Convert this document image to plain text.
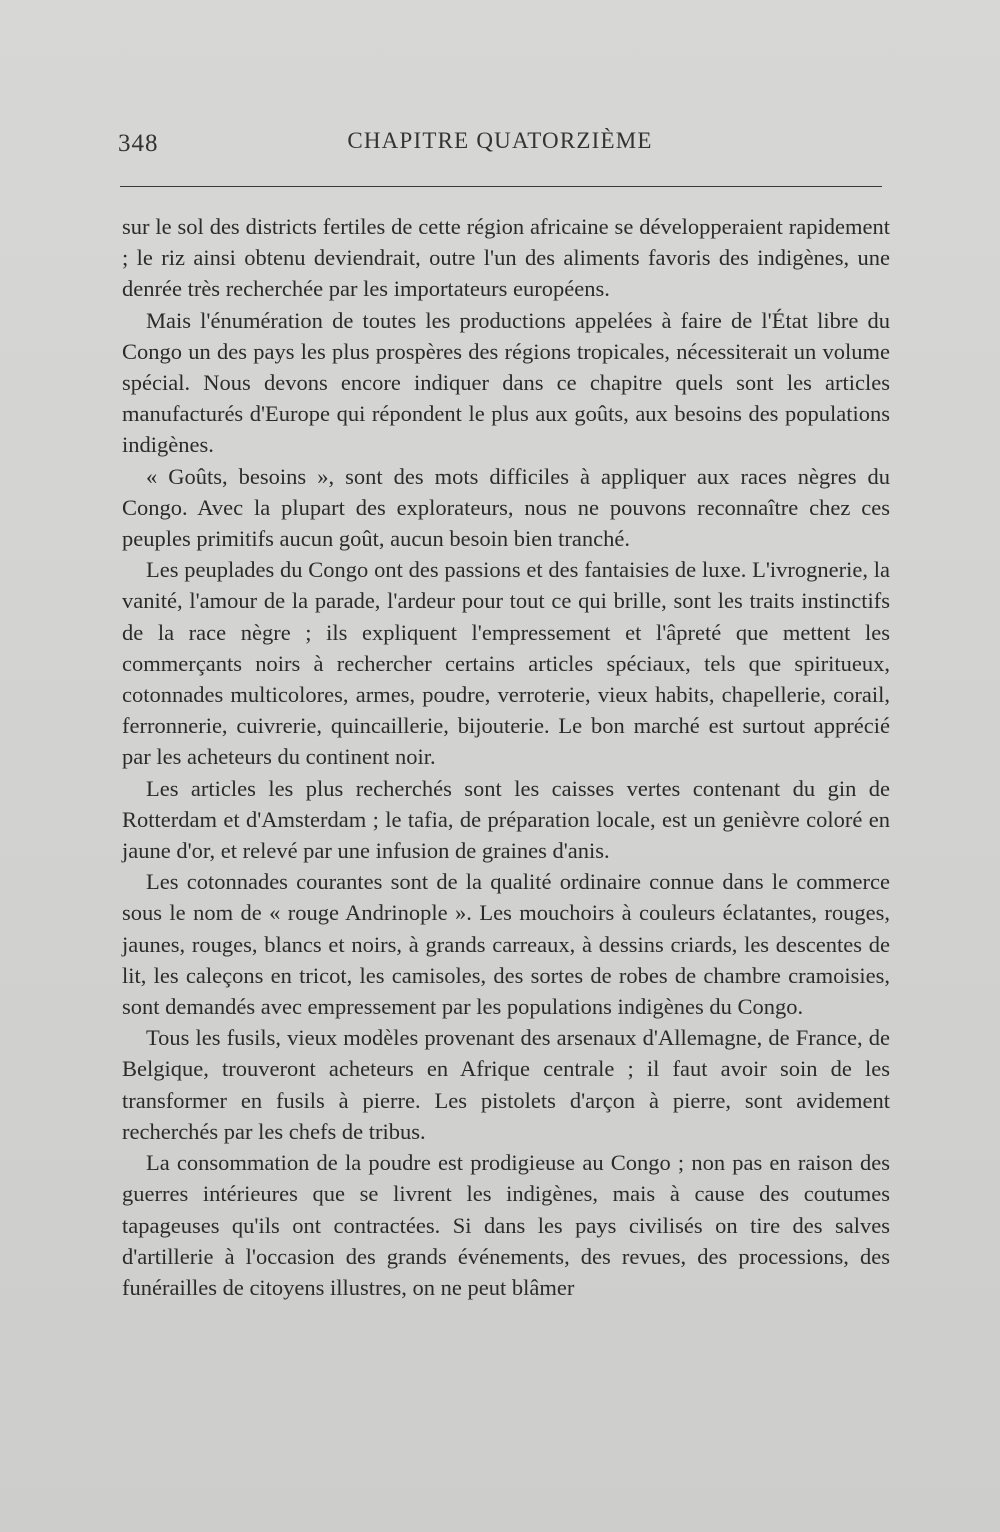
348	CHAPITRE QUATORZIÈME

sur le sol des districts fertiles de cette région africaine se développeraient rapidement ; le riz ainsi obtenu deviendrait, outre l'un des aliments favoris des indigènes, une denrée très recherchée par les importateurs européens.

Mais l'énumération de toutes les productions appelées à faire de l'État libre du Congo un des pays les plus prospères des régions tropicales, nécessiterait un volume spécial. Nous devons encore indiquer dans ce chapitre quels sont les articles manufacturés d'Europe qui répondent le plus aux goûts, aux besoins des populations indigènes.

« Goûts, besoins », sont des mots difficiles à appliquer aux races nègres du Congo. Avec la plupart des explorateurs, nous ne pouvons reconnaître chez ces peuples primitifs aucun goût, aucun besoin bien tranché.

Les peuplades du Congo ont des passions et des fantaisies de luxe. L'ivrognerie, la vanité, l'amour de la parade, l'ardeur pour tout ce qui brille, sont les traits instinctifs de la race nègre ; ils expliquent l'empressement et l'âpreté que mettent les commerçants noirs à rechercher certains articles spéciaux, tels que spiritueux, cotonnades multicolores, armes, poudre, verroterie, vieux habits, chapellerie, corail, ferronnerie, cuivrerie, quincaillerie, bijouterie. Le bon marché est surtout apprécié par les acheteurs du continent noir.

Les articles les plus recherchés sont les caisses vertes contenant du gin de Rotterdam et d'Amsterdam ; le tafia, de préparation locale, est un genièvre coloré en jaune d'or, et relevé par une infusion de graines d'anis.

Les cotonnades courantes sont de la qualité ordinaire connue dans le commerce sous le nom de « rouge Andrinople ». Les mouchoirs à couleurs éclatantes, rouges, jaunes, rouges, blancs et noirs, à grands carreaux, à dessins criards, les descentes de lit, les caleçons en tricot, les camisoles, des sortes de robes de chambre cramoisies, sont demandés avec empressement par les populations indigènes du Congo.

Tous les fusils, vieux modèles provenant des arsenaux d'Allemagne, de France, de Belgique, trouveront acheteurs en Afrique centrale ; il faut avoir soin de les transformer en fusils à pierre. Les pistolets d'arçon à pierre, sont avidement recherchés par les chefs de tribus.

La consommation de la poudre est prodigieuse au Congo ; non pas en raison des guerres intérieures que se livrent les indigènes, mais à cause des coutumes tapageuses qu'ils ont contractées. Si dans les pays civilisés on tire des salves d'artillerie à l'occasion des grands événements, des revues, des processions, des funérailles de citoyens illustres, on ne peut blâmer
